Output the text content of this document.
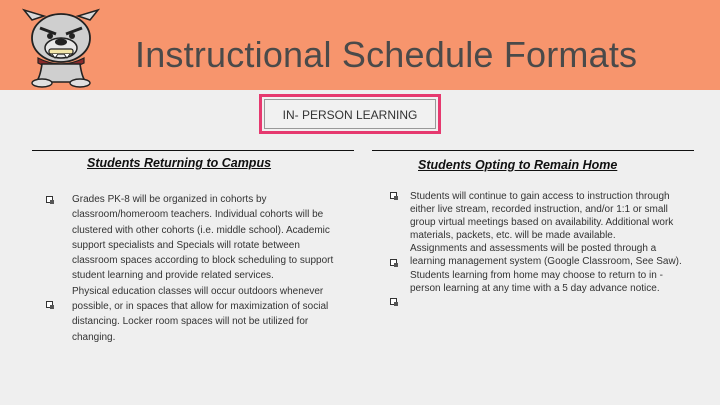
Instructional Schedule Formats
IN- PERSON LEARNING
Students Returning to Campus
Grades PK-8 will be organized in cohorts by classroom/homeroom teachers. Individual cohorts will be clustered with other cohorts (i.e. middle school). Academic support specialists and Specials will rotate between classroom spaces according to block scheduling to support student learning and provide related services.
Physical education classes will occur outdoors whenever possible, or in spaces that allow for maximization of social distancing. Locker room spaces will not be utilized for changing.
Students Opting to Remain Home
Students will continue to gain access to instruction through either live stream, recorded instruction, and/or 1:1 or small group virtual meetings based on availability. Additional work materials, packets, etc. will be made available.
Assignments and assessments will be posted through a learning management system (Google Classroom, See Saw).
Students learning from home may choose to return to in -person learning at any time with a 5 day advance notice.
